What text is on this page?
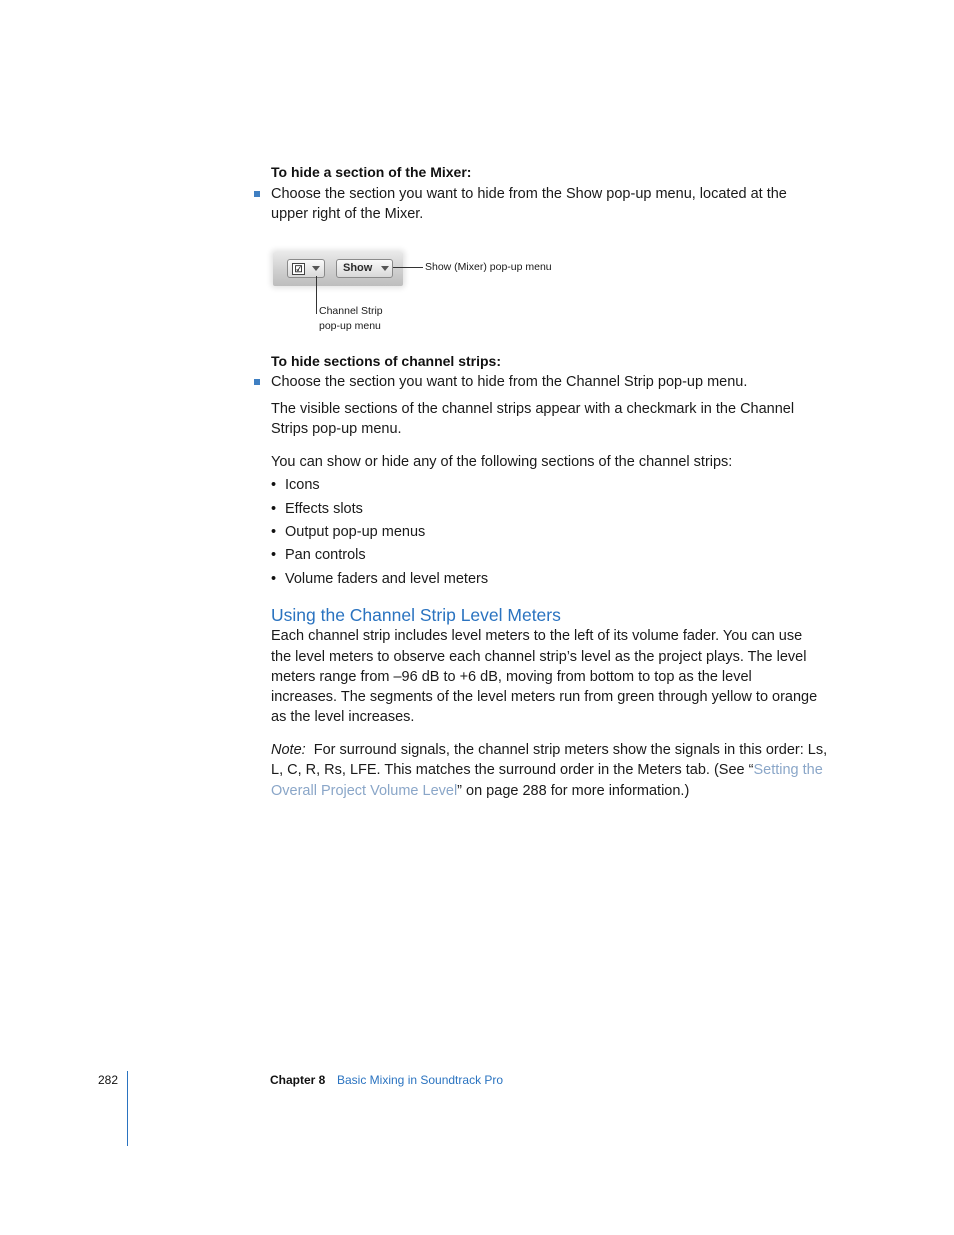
To hide a section of the Mixer:
Choose the section you want to hide from the Show pop-up menu, located at the
upper right of the Mixer.
☑	Show	Show (Mixer) pop-up menu
Channel Strip
pop-up menu
To hide sections of channel strips:
Choose the section you want to hide from the Channel Strip pop-up menu.
The visible sections of the channel strips appear with a checkmark in the Channel
Strips pop-up menu.
You can show or hide any of the following sections of the channel strips:
• Icons
• Effects slots
• Output pop-up menus
• Pan controls
• Volume faders and level meters
Using the Channel Strip Level Meters
Each channel strip includes level meters to the left of its volume fader. You can use
the level meters to observe each channel strip’s level as the project plays. The level
meters range from –96 dB to +6 dB, moving from bottom to top as the level
increases. The segments of the level meters run from green through yellow to orange
as the level increases.
Note: For surround signals, the channel strip meters show the signals in this order: Ls,
L, C, R, Rs, LFE. This matches the surround order in the Meters tab. (See “Setting the
Overall Project Volume Level” on page 288 for more information.)
282	Chapter 8 Basic Mixing in Soundtrack Pro
